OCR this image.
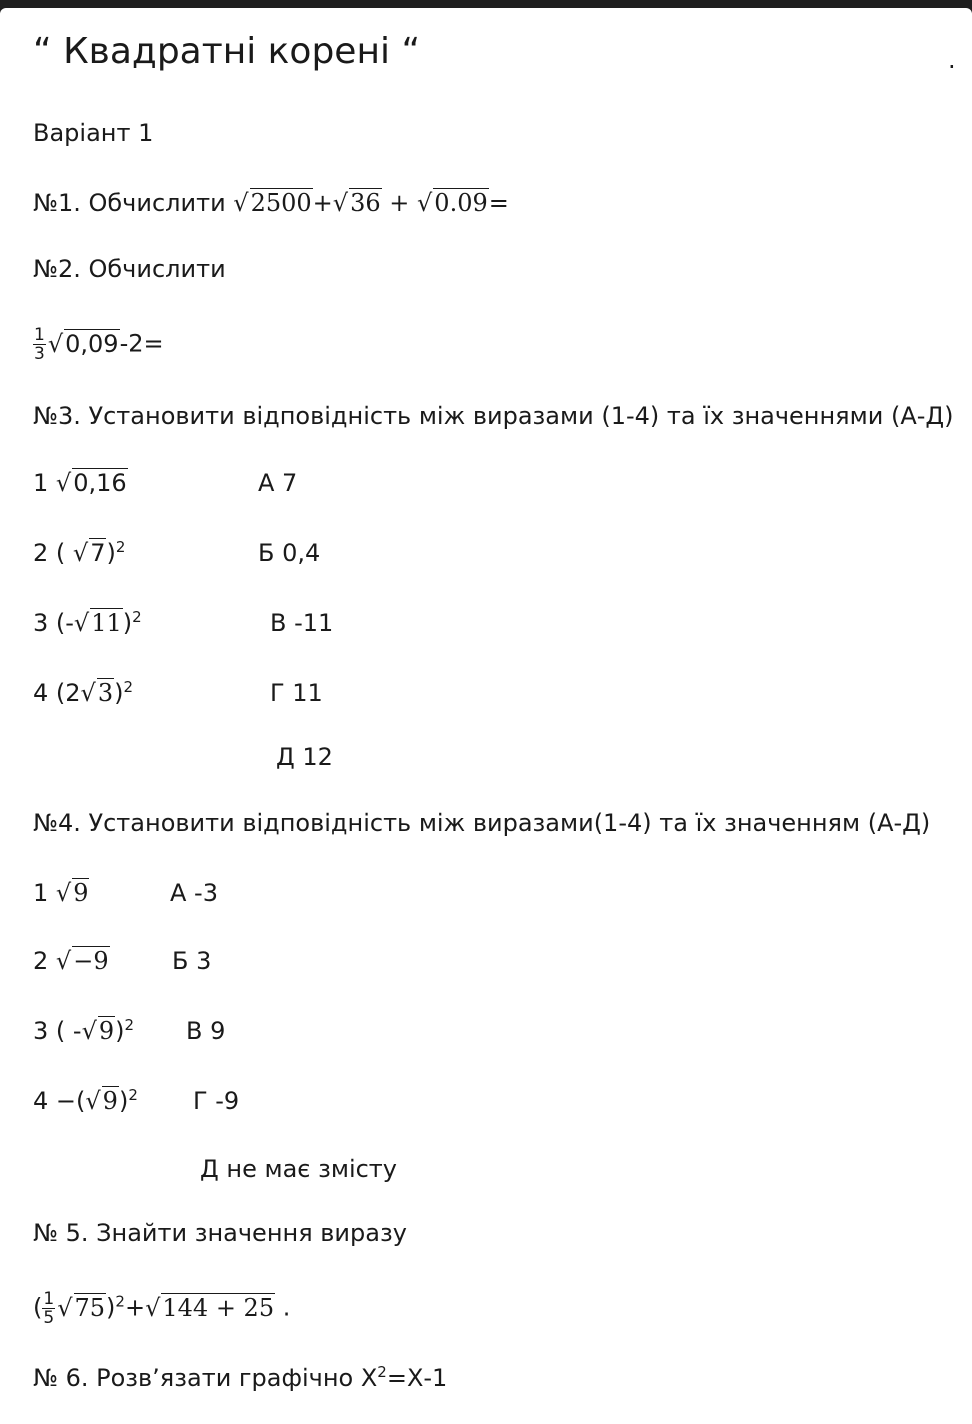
“ Квадратні корені “	.
Варіант 1
№1. Обчислити √2500+√36 + √0.09=
№2. Обчислити
$\frac{1}{3} √0,09-2=$
№3. Установити відповідність між виразами (1-4) та їх значеннями (А-Д)
1 √0,16
2 ( √7)$^2$
3 $(-√11)^2$
4 $(2√3)^2$
А 7
Б 0,4
В -11
Г 11
Д 12
№4. Установити відповідність між виразами(1-4) та їх значенням (А-Д)
1 √9
2 √−9
3 ( -√9)$^2$
$4 -(√9)^2$
А -3
Б 3
В 9
Г -9
Д не має змісту
№ 5. Знайти значення виразу
( $\frac{1}{5} √75)^2+√144 + 25$ .
№ 6. Розв’язати графічно $Х^2=Х-1$
